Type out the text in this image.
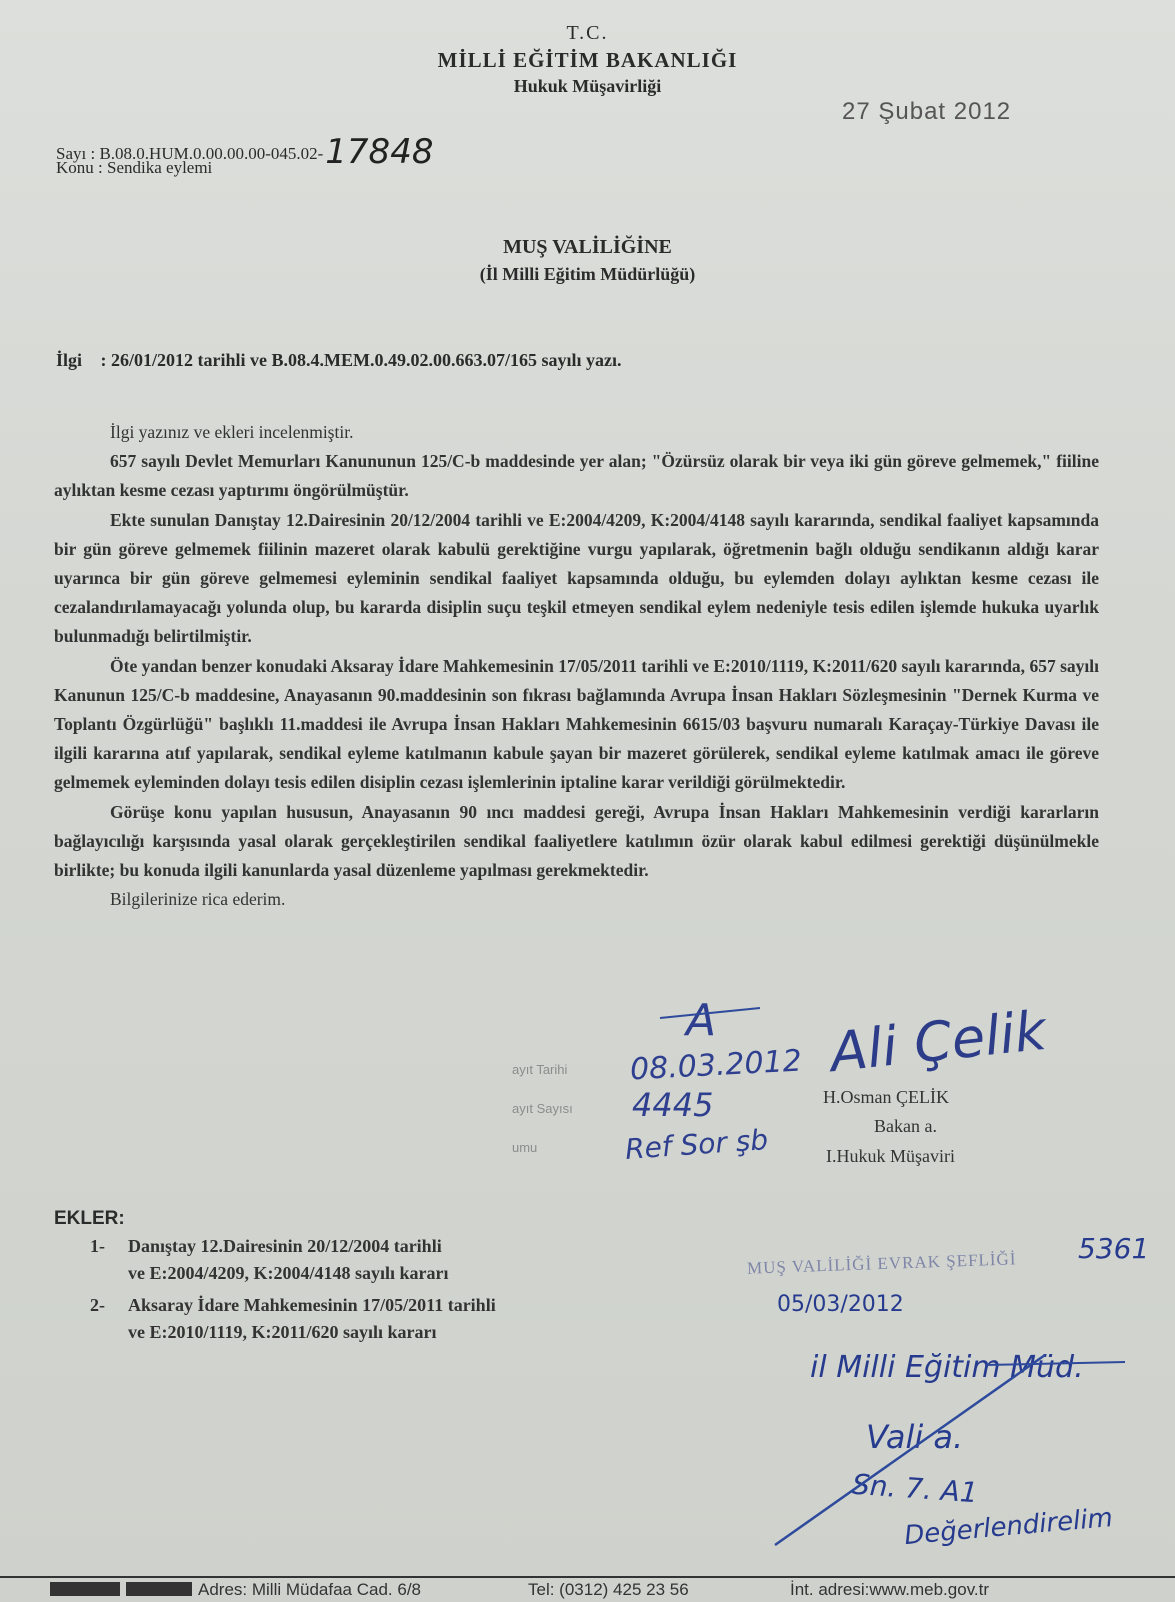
T.C.
MİLLİ EĞİTİM BAKANLIĞI
Hukuk Müşavirliği
27 Şubat 2012
Sayı : B.08.0.HUM.0.00.00.00-045.02-17848
Konu : Sendika eylemi
MUŞ VALİLİĞİNE
(İl Milli Eğitim Müdürlüğü)
İlgi : 26/01/2012 tarihli ve B.08.4.MEM.0.49.02.00.663.07/165 sayılı yazı.

İlgi yazınız ve ekleri incelenmiştir.

657 sayılı Devlet Memurları Kanununun 125/C-b maddesinde yer alan; "Özürsüz olarak bir veya iki gün göreve gelmemek," fiiline aylıktan kesme cezası yaptırımı öngörülmüştür.

Ekte sunulan Danıştay 12.Dairesinin 20/12/2004 tarihli ve E:2004/4209, K:2004/4148 sayılı kararında, sendikal faaliyet kapsamında bir gün göreve gelmemek fiilinin mazeret olarak kabulü gerektiğine vurgu yapılarak, öğretmenin bağlı olduğu sendikanın aldığı karar uyarınca bir gün göreve gelmemesi eyleminin sendikal faaliyet kapsamında olduğu, bu eylemden dolayı aylıktan kesme cezası ile cezalandırılamayacağı yolunda olup, bu kararda disiplin suçu teşkil etmeyen sendikal eylem nedeniyle tesis edilen işlemde hukuka uyarlık bulunmadığı belirtilmiştir.

Öte yandan benzer konudaki Aksaray İdare Mahkemesinin 17/05/2011 tarihli ve E:2010/1119, K:2011/620 sayılı kararında, 657 sayılı Kanunun 125/C-b maddesine, Anayasanın 90.maddesinin son fıkrası bağlamında Avrupa İnsan Hakları Sözleşmesinin "Dernek Kurma ve Toplantı Özgürlüğü" başlıklı 11.maddesi ile Avrupa İnsan Hakları Mahkemesinin 6615/03 başvuru numaralı Karaçay-Türkiye Davası ile ilgili kararına atıf yapılarak, sendikal eyleme katılmanın kabule şayan bir mazeret görülerek, sendikal eyleme katılmak amacı ile göreve gelmemek eyleminden dolayı tesis edilen disiplin cezası işlemlerinin iptaline karar verildiği görülmektedir.

Görüşe konu yapılan hususun, Anayasanın 90 ıncı maddesi gereği, Avrupa İnsan Hakları Mahkemesinin verdiği kararların bağlayıcılığı karşısında yasal olarak gerçekleştirilen sendikal faaliyetlere katılımın özür olarak kabul edilmesi gerektiği düşünülmekle birlikte; bu konuda ilgili kanunlarda yasal düzenleme yapılması gerekmektedir.

Bilgilerinize rica ederim.

ayıt Tarihi
ayıt Sayısı
umu
08.03.2012
4445
Ref Sor şb
A Ali Çelik
H.Osman ÇELİK
Bakan a.
I.Hukuk Müşaviri
EKLER:
1- Danıştay 12.Dairesinin 20/12/2004 tarihli
ve E:2004/4209, K:2004/4148 sayılı kararı
2- Aksaray İdare Mahkemesinin 17/05/2011 tarihli
ve E:2010/1119, K:2011/620 sayılı kararı
MUŞ VALİLİĞİ EVRAK ŞEFLİĞİ 5361
05/03/2012
il Milli Eğitim Müd.
Vali a.
Sn. 7. A1
Değerlendirelim
Adres: Milli Müdafaa Cad. 6/8	Tel: (0312) 425 23 56	İnt. adresi:www.meb.gov.tr
